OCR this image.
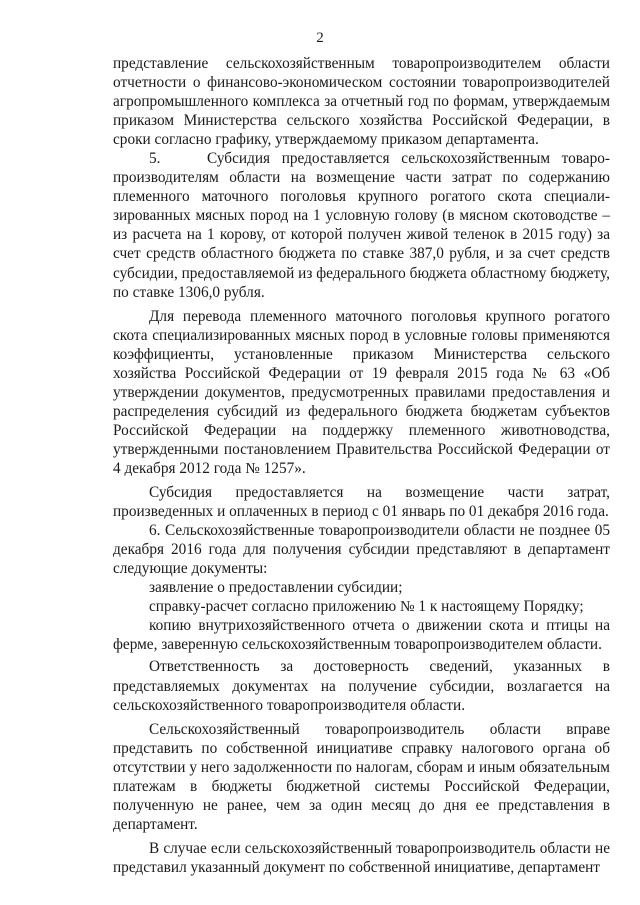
2

представление сельскохозяйственным товаропроизводителем области отчетности о финансово-экономическом состоянии товаропроизводителей агропромышленного комплекса за отчетный год по формам, утверждаемым приказом Министерства сельского хозяйства Российской Федерации, в сроки согласно графику, утверждаемому приказом департамента.

5.    Субсидия предоставляется сельскохозяйственным товаропроизводителям области на возмещение части затрат по содержанию племенного маточного поголовья крупного рогатого скота специализированных мясных пород на 1 условную голову (в мясном скотоводстве – из расчета на 1 корову, от которой получен живой теленок в 2015 году) за счет средств областного бюджета по ставке 387,0 рубля, и за счет средств субсидии, предоставляемой из федерального бюджета областному бюджету, по ставке 1306,0 рубля.

Для перевода племенного маточного поголовья крупного рогатого скота специализированных мясных пород в условные головы применяются коэффициенты, установленные приказом Министерства сельского хозяйства Российской Федерации от 19 февраля 2015 года № 63 «Об утверждении документов, предусмотренных правилами предоставления и распределения субсидий из федерального бюджета бюджетам субъектов Российской Федерации на поддержку племенного животноводства, утвержденными постановлением Правительства Российской Федерации от 4 декабря 2012 года № 1257».

Субсидия предоставляется на возмещение части затрат, произведенных и оплаченных в период с 01 январь по 01 декабря 2016 года.

6. Сельскохозяйственные товаропроизводители области не позднее 05 декабря 2016 года для получения субсидии представляют в департамент следующие документы:

заявление о предоставлении субсидии;

справку-расчет согласно приложению № 1 к настоящему Порядку;

копию внутрихозяйственного отчета о движении скота и птицы на ферме, заверенную сельскохозяйственным товаропроизводителем области.

Ответственность за достоверность сведений, указанных в представляемых документах на получение субсидии, возлагается на сельскохозяйственного товаропроизводителя области.

Сельскохозяйственный товаропроизводитель области вправе представить по собственной инициативе справку налогового органа об отсутствии у него задолженности по налогам, сборам и иным обязательным платежам в бюджеты бюджетной системы Российской Федерации, полученную не ранее, чем за один месяц до дня ее представления в департамент.

В случае если сельскохозяйственный товаропроизводитель области не представил указанный документ по собственной инициативе, департамент
